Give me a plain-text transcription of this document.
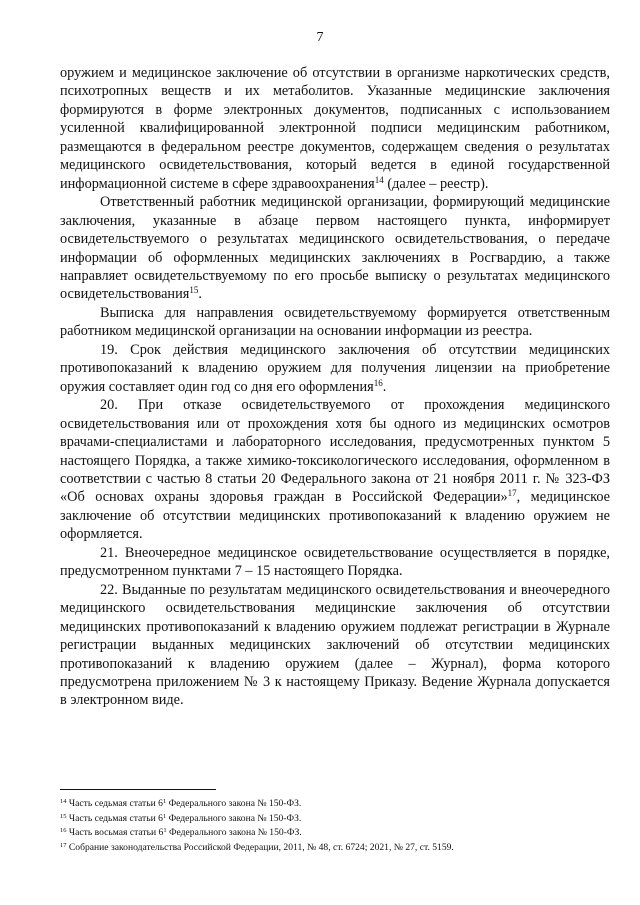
7

оружием и медицинское заключение об отсутствии в организме наркотических средств, психотропных веществ и их метаболитов. Указанные медицинские заключения формируются в форме электронных документов, подписанных с использованием усиленной квалифицированной электронной подписи медицинским работником, размещаются в федеральном реестре документов, содержащем сведения о результатах медицинского освидетельствования, который ведется в единой государственной информационной системе в сфере здравоохранения$^{14}$ (далее – реестр).

Ответственный работник медицинской организации, формирующий медицинские заключения, указанные в абзаце первом настоящего пункта, информирует освидетельствуемого о результатах медицинского освидетельствования, о передаче информации об оформленных медицинских заключениях в Росгвардию, а также направляет освидетельствуемому по его просьбе выписку о результатах медицинского освидетельствования$^{15}$.

Выписка для направления освидетельствуемому формируется ответственным работником медицинской организации на основании информации из реестра.

19. Срок действия медицинского заключения об отсутствии медицинских противопоказаний к владению оружием для получения лицензии на приобретение оружия составляет один год со дня его оформления$^{16}$.

20. При отказе освидетельствуемого от прохождения медицинского освидетельствования или от прохождения хотя бы одного из медицинских осмотров врачами-специалистами и лабораторного исследования, предусмотренных пунктом 5 настоящего Порядка, а также химико-токсикологического исследования, оформленном в соответствии с частью 8 статьи 20 Федерального закона от 21 ноября 2011 г. № 323-ФЗ «Об основах охраны здоровья граждан в Российской Федерации»$^{17}$, медицинское заключение об отсутствии медицинских противопоказаний к владению оружием не оформляется.

21. Внеочередное медицинское освидетельствование осуществляется в порядке, предусмотренном пунктами 7 – 15 настоящего Порядка.

22. Выданные по результатам медицинского освидетельствования и внеочередного медицинского освидетельствования медицинские заключения об отсутствии медицинских противопоказаний к владению оружием подлежат регистрации в Журнале регистрации выданных медицинских заключений об отсутствии медицинских противопоказаний к владению оружием (далее – Журнал), форма которого предусмотрена приложением № 3 к настоящему Приказу. Ведение Журнала допускается в электронном виде.

$^{14}$ Часть седьмая статьи $6^1$ Федерального закона № 150-ФЗ.

$^{15}$ Часть седьмая статьи $6^1$ Федерального закона № 150-ФЗ.

$^{16}$ Часть восьмая статьи $6^1$ Федерального закона № 150-ФЗ.

$^{17}$ Собрание законодательства Российской Федерации, 2011, № 48, ст. 6724; 2021, № 27, ст. 5159.
